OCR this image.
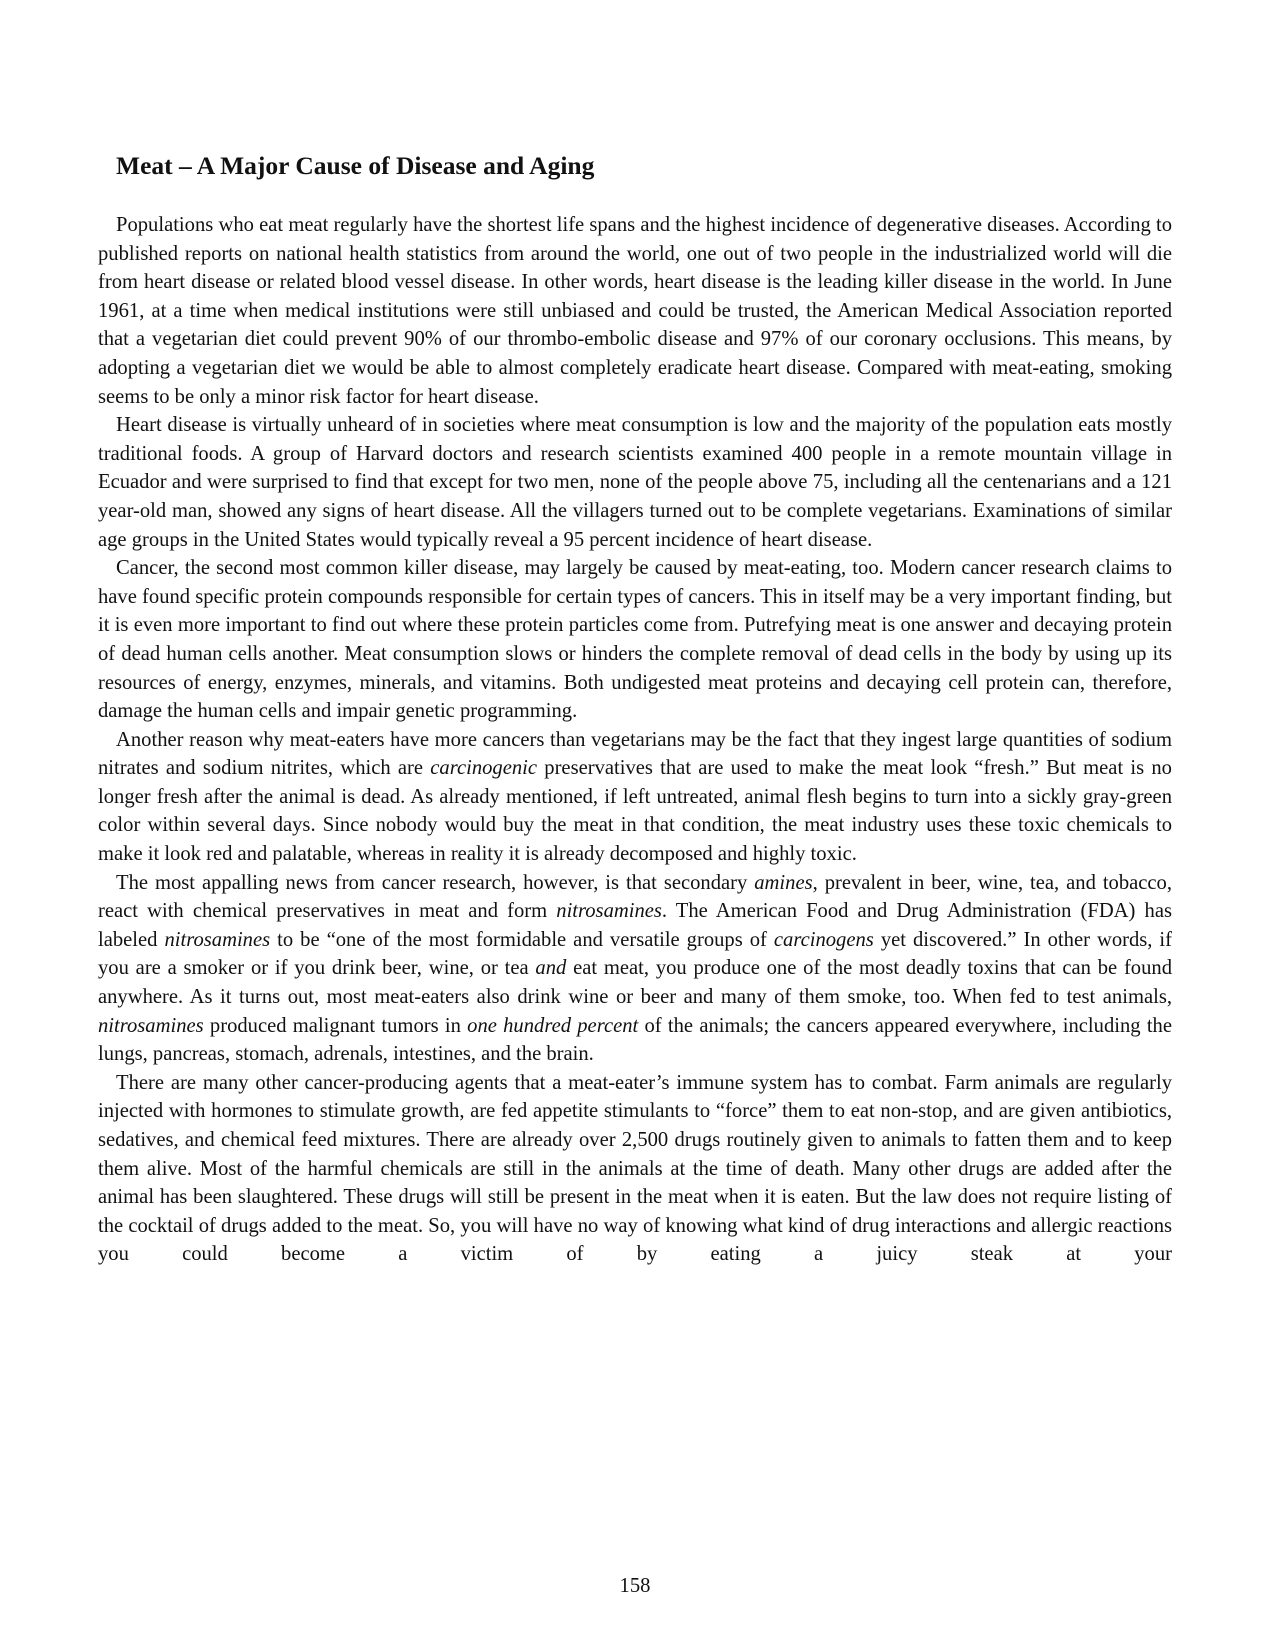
Meat – A Major Cause of Disease and Aging

Populations who eat meat regularly have the shortest life spans and the highest incidence of degenerative diseases. According to published reports on national health statistics from around the world, one out of two people in the industrialized world will die from heart disease or related blood vessel disease. In other words, heart disease is the leading killer disease in the world. In June 1961, at a time when medical institutions were still unbiased and could be trusted, the American Medical Association reported that a vegetarian diet could prevent 90% of our thrombo-embolic disease and 97% of our coronary occlusions. This means, by adopting a vegetarian diet we would be able to almost completely eradicate heart disease. Compared with meat-eating, smoking seems to be only a minor risk factor for heart disease.

Heart disease is virtually unheard of in societies where meat consumption is low and the majority of the population eats mostly traditional foods. A group of Harvard doctors and research scientists examined 400 people in a remote mountain village in Ecuador and were surprised to find that except for two men, none of the people above 75, including all the centenarians and a 121 year-old man, showed any signs of heart disease. All the villagers turned out to be complete vegetarians. Examinations of similar age groups in the United States would typically reveal a 95 percent incidence of heart disease.

Cancer, the second most common killer disease, may largely be caused by meat-eating, too. Modern cancer research claims to have found specific protein compounds responsible for certain types of cancers. This in itself may be a very important finding, but it is even more important to find out where these protein particles come from. Putrefying meat is one answer and decaying protein of dead human cells another. Meat consumption slows or hinders the complete removal of dead cells in the body by using up its resources of energy, enzymes, minerals, and vitamins. Both undigested meat proteins and decaying cell protein can, therefore, damage the human cells and impair genetic programming.

Another reason why meat-eaters have more cancers than vegetarians may be the fact that they ingest large quantities of sodium nitrates and sodium nitrites, which are carcinogenic preservatives that are used to make the meat look “fresh.” But meat is no longer fresh after the animal is dead. As already mentioned, if left untreated, animal flesh begins to turn into a sickly gray-green color within several days. Since nobody would buy the meat in that condition, the meat industry uses these toxic chemicals to make it look red and palatable, whereas in reality it is already decomposed and highly toxic.

The most appalling news from cancer research, however, is that secondary amines, prevalent in beer, wine, tea, and tobacco, react with chemical preservatives in meat and form nitrosamines. The American Food and Drug Administration (FDA) has labeled nitrosamines to be “one of the most formidable and versatile groups of carcinogens yet discovered.” In other words, if you are a smoker or if you drink beer, wine, or tea and eat meat, you produce one of the most deadly toxins that can be found anywhere. As it turns out, most meat-eaters also drink wine or beer and many of them smoke, too. When fed to test animals, nitrosamines produced malignant tumors in one hundred percent of the animals; the cancers appeared everywhere, including the lungs, pancreas, stomach, adrenals, intestines, and the brain.

There are many other cancer-producing agents that a meat-eater’s immune system has to combat. Farm animals are regularly injected with hormones to stimulate growth, are fed appetite stimulants to “force” them to eat non-stop, and are given antibiotics, sedatives, and chemical feed mixtures. There are already over 2,500 drugs routinely given to animals to fatten them and to keep them alive. Most of the harmful chemicals are still in the animals at the time of death. Many other drugs are added after the animal has been slaughtered. These drugs will still be present in the meat when it is eaten. But the law does not require listing of the cocktail of drugs added to the meat. So, you will have no way of knowing what kind of drug interactions and allergic reactions you could become a victim of by eating a juicy steak at your

158
